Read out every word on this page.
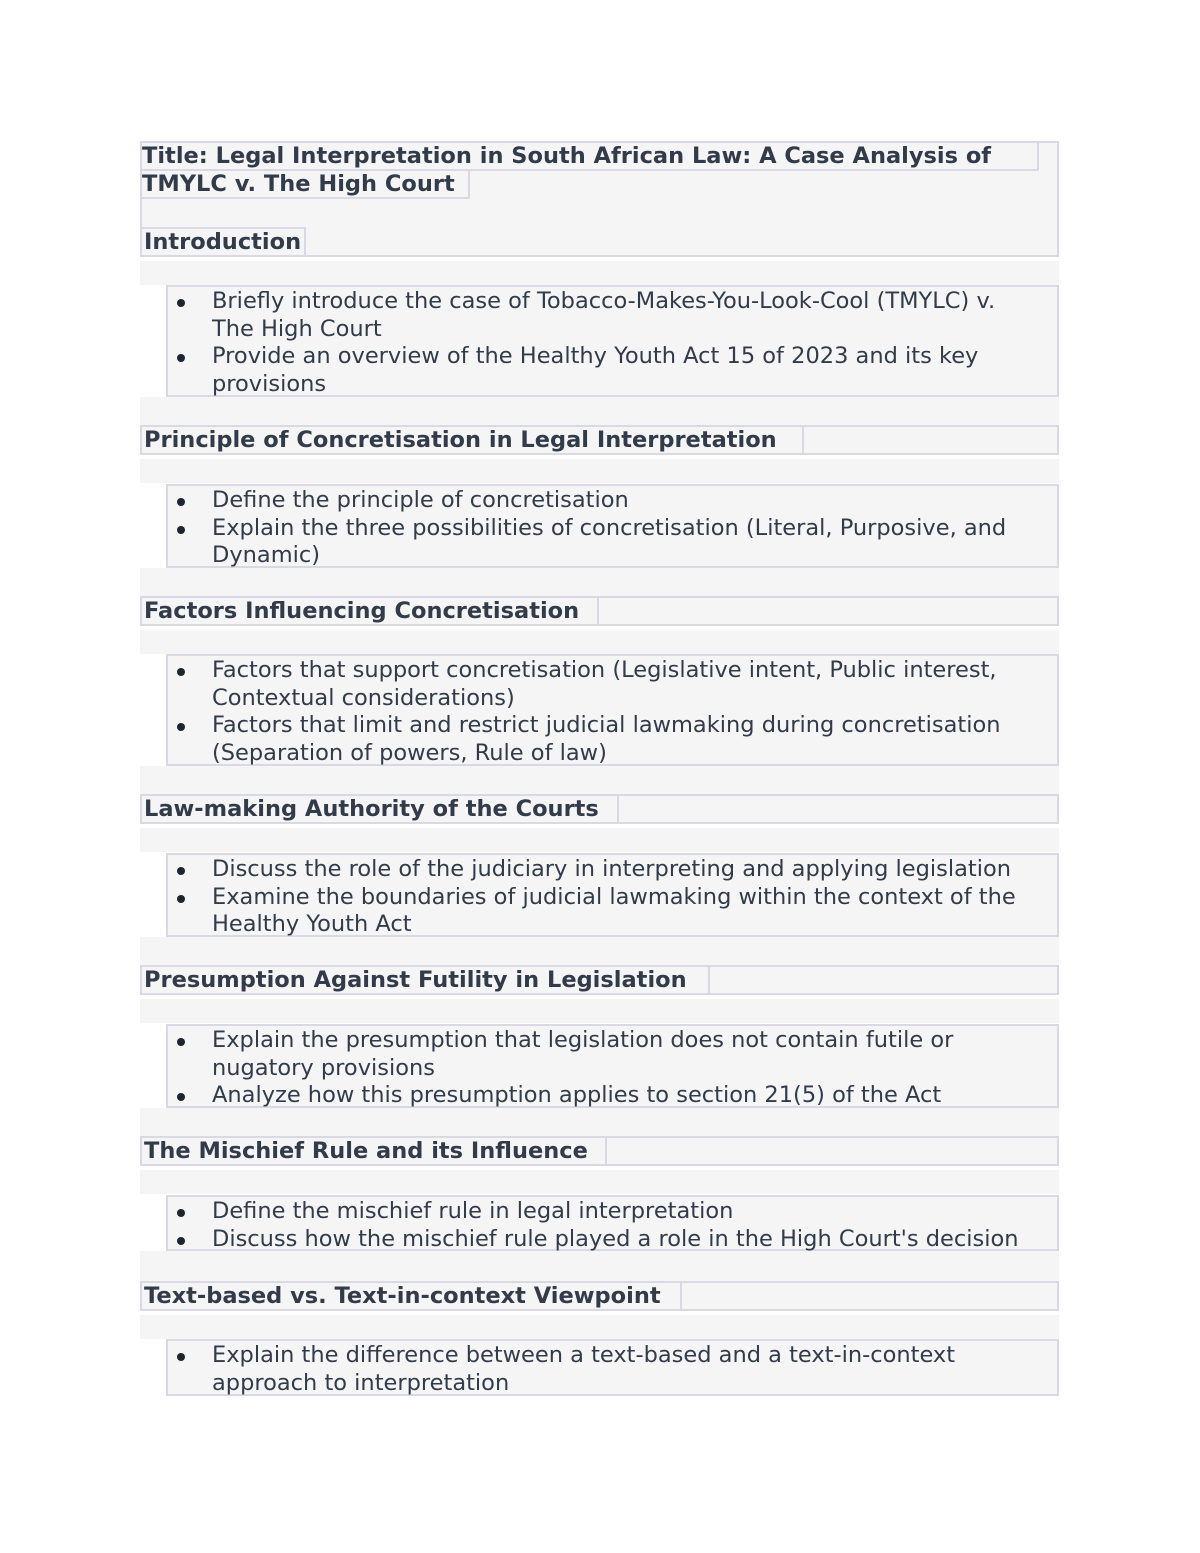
Title: Legal Interpretation in South African Law: A Case Analysis of
TMYLC v. The High Court
Introduction
Briefly introduce the case of Tobacco-Makes-You-Look-Cool (TMYLC) v.
The High Court
Provide an overview of the Healthy Youth Act 15 of 2023 and its key
provisions
Principle of Concretisation in Legal Interpretation
Define the principle of concretisation
Explain the three possibilities of concretisation (Literal, Purposive, and
Dynamic)
Factors Influencing Concretisation
Factors that support concretisation (Legislative intent, Public interest,
Contextual considerations)
Factors that limit and restrict judicial lawmaking during concretisation
(Separation of powers, Rule of law)
Law-making Authority of the Courts
Discuss the role of the judiciary in interpreting and applying legislation
Examine the boundaries of judicial lawmaking within the context of the
Healthy Youth Act
Presumption Against Futility in Legislation
Explain the presumption that legislation does not contain futile or
nugatory provisions
Analyze how this presumption applies to section 21(5) of the Act
The Mischief Rule and its Influence
Define the mischief rule in legal interpretation
Discuss how the mischief rule played a role in the High Court's decision
Text-based vs. Text-in-context Viewpoint
Explain the difference between a text-based and a text-in-context
approach to interpretation
